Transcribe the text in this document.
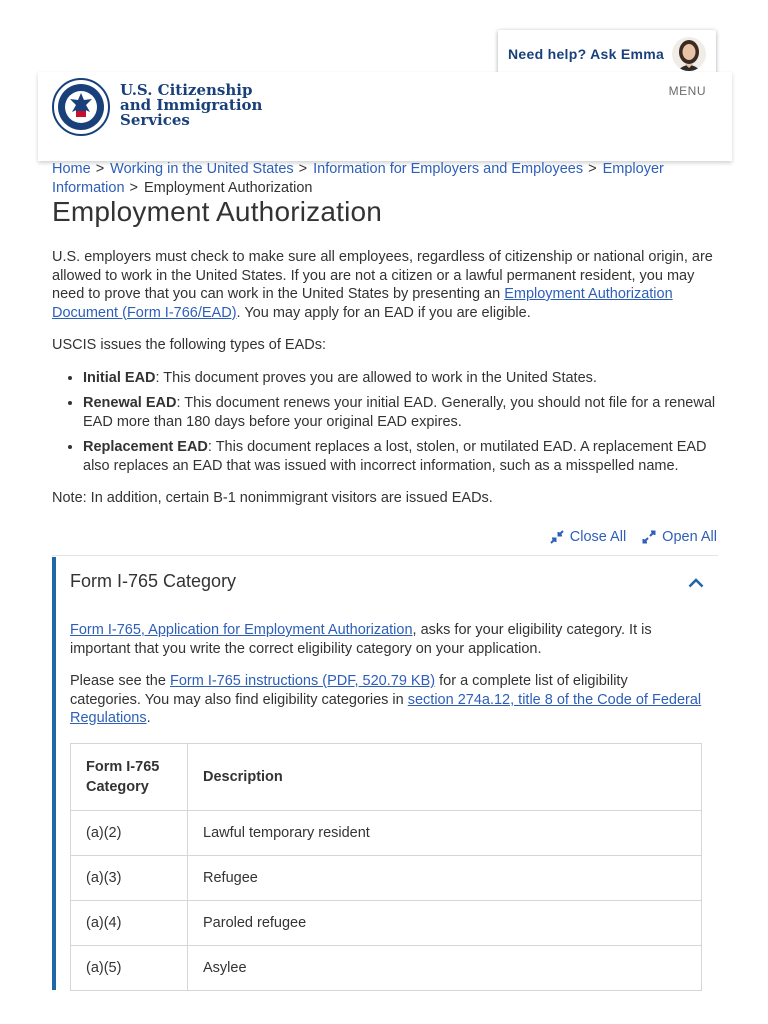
Need help? Ask Emma
U.S. Citizenship
and Immigration
Services
MENU
Home > Working in the United States > Information for Employers and Employees > Employer Information > Employment Authorization
Employment Authorization

U.S. employers must check to make sure all employees, regardless of citizenship or national origin, are allowed to work in the United States. If you are not a citizen or a lawful permanent resident, you may need to prove that you can work in the United States by presenting an Employment Authorization Document (Form I-766/EAD). You may apply for an EAD if you are eligible.

USCIS issues the following types of EADs:

• Initial EAD: This document proves you are allowed to work in the United States.
• Renewal EAD: This document renews your initial EAD. Generally, you should not file for a renewal EAD more than 180 days before your original EAD expires.
• Replacement EAD: This document replaces a lost, stolen, or mutilated EAD. A replacement EAD also replaces an EAD that was issued with incorrect information, such as a misspelled name.

Note: In addition, certain B-1 nonimmigrant visitors are issued EADs.

Close All Open All
Form I-765 Category

Form I-765, Application for Employment Authorization, asks for your eligibility category. It is important that you write the correct eligibility category on your application.

Please see the Form I-765 instructions (PDF, 520.79 KB) for a complete list of eligibility categories. You may also find eligibility categories in section 274a.12, title 8 of the Code of Federal Regulations.

Form I-765 Category	Description
(a)(2)	Lawful temporary resident
(a)(3)	Refugee
(a)(4)	Paroled refugee
(a)(5)	Asylee
